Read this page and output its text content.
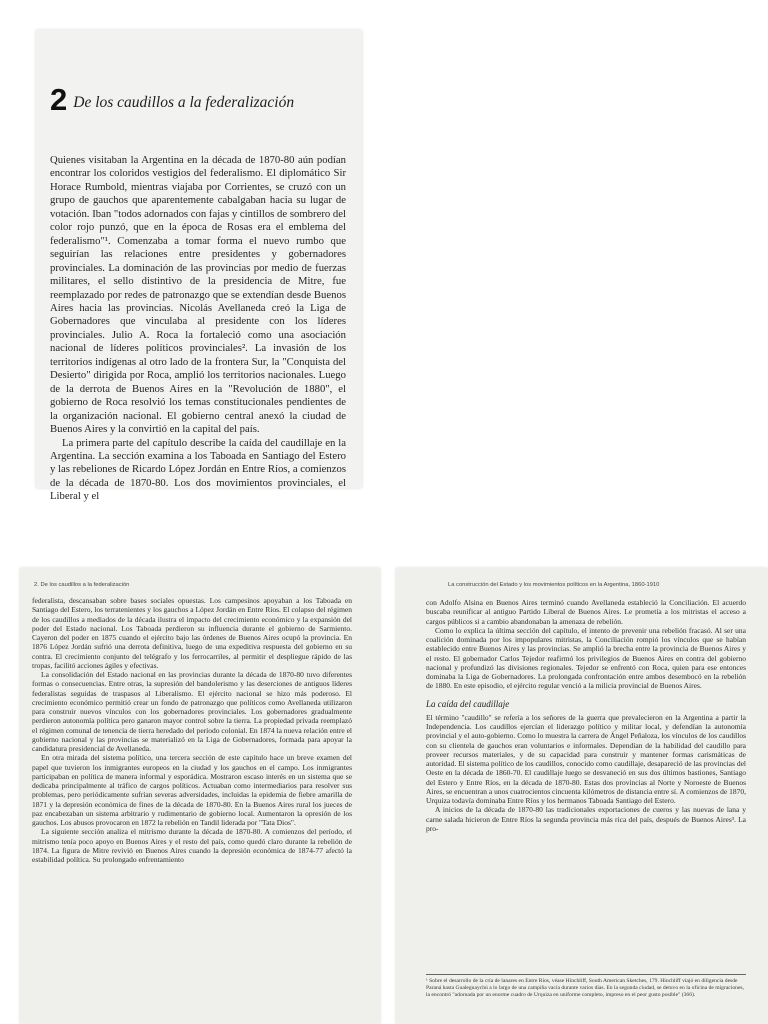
2 De los caudillos a la federalización

Quienes visitaban la Argentina en la década de 1870-80 aún podían encontrar los coloridos vestigios del federalismo. El diplomático Sir Horace Rumbold, mientras viajaba por Corrientes, se cruzó con un grupo de gauchos que aparentemente cabalgaban hacia su lugar de votación. Iban "todos adornados con fajas y cintillos de sombrero del color rojo punzó, que en la época de Rosas era el emblema del federalismo"¹. Comenzaba a tomar forma el nuevo rumbo que seguirían las relaciones entre presidentes y gobernadores provinciales. La dominación de las provincias por medio de fuerzas militares, el sello distintivo de la presidencia de Mitre, fue reemplazado por redes de patronazgo que se extendían desde Buenos Aires hacia las provincias. Nicolás Avellaneda creó la Liga de Gobernadores que vinculaba al presidente con los líderes provinciales. Julio A. Roca la fortaleció como una asociación nacional de líderes políticos provinciales². La invasión de los territorios indígenas al otro lado de la frontera Sur, la "Conquista del Desierto" dirigida por Roca, amplió los territorios nacionales. Luego de la derrota de Buenos Aires en la "Revolución de 1880", el gobierno de Roca resolvió los temas constitucionales pendientes de la organización nacional. El gobierno central anexó la ciudad de Buenos Aires y la convirtió en la capital del país.

La primera parte del capítulo describe la caída del caudillaje en la Argentina. La sección examina a los Taboada en Santiago del Estero y las rebeliones de Ricardo López Jordán en Entre Ríos, a comienzos de la década de 1870-80. Los dos movimientos provinciales, el Liberal y el

2. De los caudillos a la federalización

federalista, descansaban sobre bases sociales opuestas. Los campesinos apoyaban a los Taboada en Santiago del Estero, los terratenientes y los gauchos a López Jordán en Entre Ríos. El colapso del régimen de los caudillos a mediados de la década ilustra el impacto del crecimiento económico y la expansión del poder del Estado nacional. Los Taboada perdieron su influencia durante el gobierno de Sarmiento. Cayeron del poder en 1875 cuando el ejército bajo las órdenes de Buenos Aires ocupó la provincia. En 1876 López Jordán sufrió una derrota definitiva, luego de una expeditiva respuesta del gobierno en su contra. El crecimiento conjunto del telégrafo y los ferrocarriles, al permitir el despliegue rápido de las tropas, facilitó acciones ágiles y efectivas.

La consolidación del Estado nacional en las provincias durante la década de 1870-80 tuvo diferentes formas o consecuencias. Entre otras, la supresión del bandolerismo y las deserciones de antiguos líderes federalistas seguidas de traspasos al Liberalismo. El ejército nacional se hizo más poderoso. El crecimiento económico permitió crear un fondo de patronazgo que políticos como Avellaneda utilizaron para construir nuevos vínculos con los gobernadores provinciales. Los gobernadores gradualmente perdieron autonomía política pero ganaron mayor control sobre la tierra. La propiedad privada reemplazó el régimen comunal de tenencia de tierra heredado del período colonial. En 1874 la nueva relación entre el gobierno nacional y las provincias se materializó en la Liga de Gobernadores, formada para apoyar la candidatura presidencial de Avellaneda.

En otra mirada del sistema político, una tercera sección de este capítulo hace un breve examen del papel que tuvieron los inmigrantes europeos en la ciudad y los gauchos en el campo. Los inmigrantes participaban en política de manera informal y esporádica. Mostraron escaso interés en un sistema que se dedicaba principalmente al tráfico de cargos políticos. Actuaban como intermediarios para resolver sus problemas, pero periódicamente sufrían severas adversidades, incluidas la epidemia de fiebre amarilla de 1871 y la depresión económica de fines de la década de 1870-80. En la Buenos Aires rural los jueces de paz encabezaban un sistema arbitrario y rudimentario de gobierno local. Aumentaron la opresión de los gauchos. Los abusos provocaron en 1872 la rebelión en Tandil liderada por "Tata Dios".

La siguiente sección analiza el mitrismo durante la década de 1870-80. A comienzos del período, el mitrismo tenía poco apoyo en Buenos Aires y el resto del país, como quedó claro durante la rebelión de 1874. La figura de Mitre revivió en Buenos Aires cuando la depresión económica de 1874-77 afectó la estabilidad política. Su prolongado enfrentamiento

La construcción del Estado y los movimientos políticos en la Argentina, 1860-1910

con Adolfo Alsina en Buenos Aires terminó cuando Avellaneda estableció la Conciliación. El acuerdo buscaba reunificar al antiguo Partido Liberal de Buenos Aires. Le prometía a los mitristas el acceso a cargos públicos si a cambio abandonaban la amenaza de rebelión.

Como lo explica la última sección del capítulo, el intento de prevenir una rebelión fracasó. Al ser una coalición dominada por los impopulares mitristas, la Conciliación rompió los vínculos que se habían establecido entre Buenos Aires y las provincias. Se amplió la brecha entre la provincia de Buenos Aires y el resto. El gobernador Carlos Tejedor reafirmó los privilegios de Buenos Aires en contra del gobierno nacional y profundizó las divisiones regionales. Tejedor se enfrentó con Roca, quien para ese entonces dominaba la Liga de Gobernadores. La prolongada confrontación entre ambos desembocó en la rebelión de 1880. En este episodio, el ejército regular venció a la milicia provincial de Buenos Aires.

La caída del caudillaje

El término "caudillo" se refería a los señores de la guerra que prevalecieron en la Argentina a partir la Independencia. Los caudillos ejercían el liderazgo político y militar local, y defendían la autonomía provincial y el auto-gobierno. Como lo muestra la carrera de Ángel Peñaloza, los vínculos de los caudillos con su clientela de gauchos eran voluntarios e informales. Dependían de la habilidad del caudillo para proveer recursos materiales, y de su capacidad para construir y mantener formas carismáticas de autoridad. El sistema político de los caudillos, conocido como caudillaje, desapareció de las provincias del Oeste en la década de 1860-70. El caudillaje luego se desvaneció en sus dos últimos bastiones, Santiago del Estero y Entre Ríos, en la década de 1870-80. Estas dos provincias al Norte y Noroeste de Buenos Aires, se encuentran a unos cuatrocientos cincuenta kilómetros de distancia entre sí. A comienzos de 1870, Urquiza todavía dominaba Entre Ríos y los hermanos Taboada Santiago del Estero.

A inicios de la década de 1870-80 las tradicionales exportaciones de cueros y las nuevas de lana y carne salada hicieron de Entre Ríos la segunda provincia más rica del país, después de Buenos Aires³. La pro-

¹ Sobre el desarrollo de la cría de lanares en Entre Ríos, véase Hinchliff, South American Sketches, 179. Hinchliff viajó en diligencia desde Paraná hasta Gualeguaychú a lo largo de una campiña vacía durante varios días. En la segunda ciudad, se detuvo en la oficina de migraciones, la encontró "adornada por un enorme cuadro de Urquiza en uniforme completo, impreso en el peor gusto posible" (366).
